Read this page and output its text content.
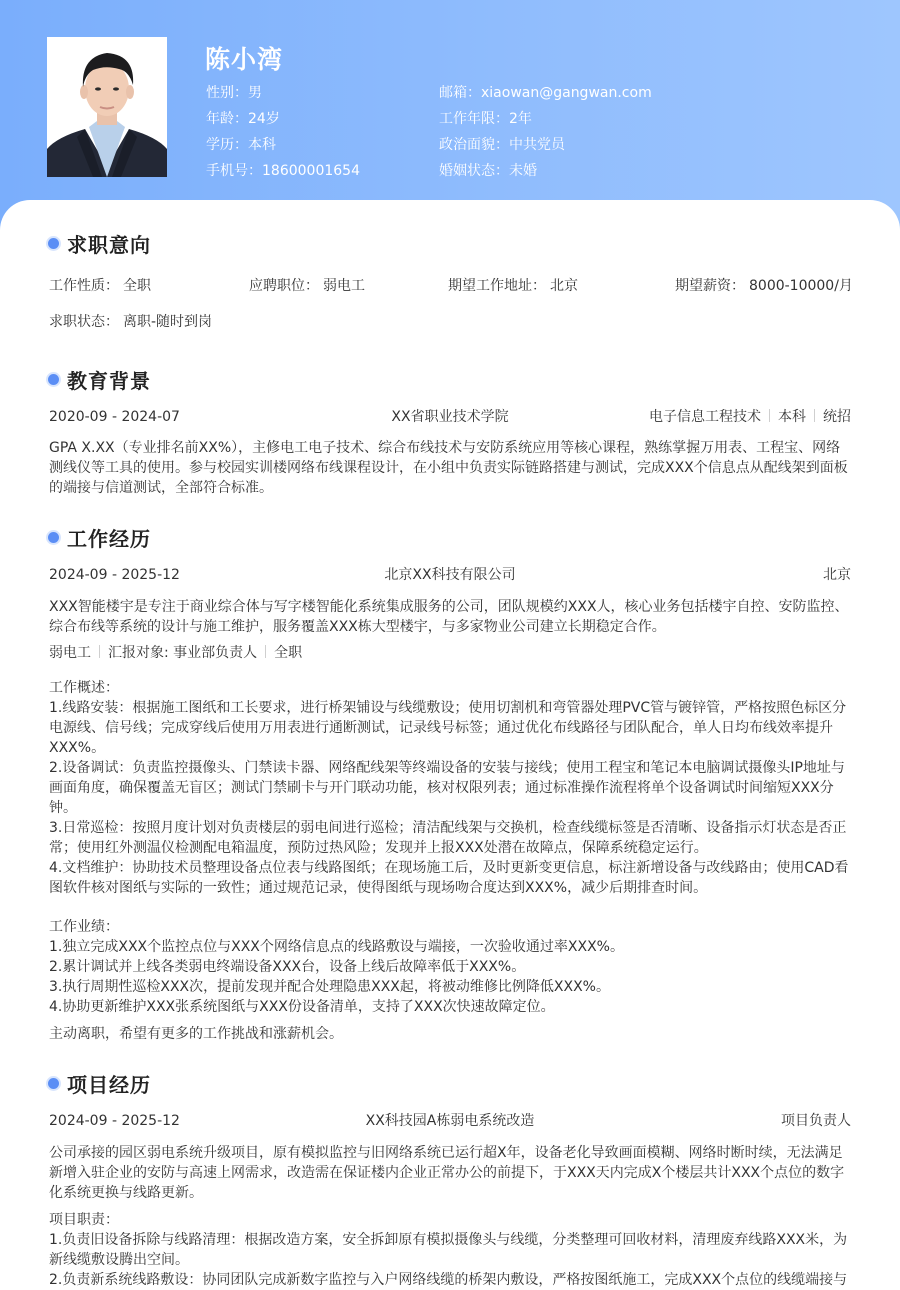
陈小湾
性别：男
年龄：24岁
学历：本科
手机号：18600001654
邮箱：xiaowan@gangwan.com
工作年限：2年
政治面貌：中共党员
婚姻状态：未婚
求职意向
工作性质： 全职	应聘职位： 弱电工	期望工作地址： 北京	期望薪资： 8000-10000/月
求职状态： 离职-随时到岗
教育背景
2020-09 - 2024-07	XX省职业技术学院	电子信息工程技术 本科 统招
GPA X.XX（专业排名前XX%），主修电工电子技术、综合布线技术与安防系统应用等核心课程，熟练掌握万用表、工程宝、网络测线仪等工具的使用。参与校园实训楼网络布线课程设计，在小组中负责实际链路搭建与测试，完成XXX个信息点从配线架到面板的端接与信道测试，全部符合标准。
工作经历
2024-09 - 2025-12	北京XX科技有限公司	北京
XXX智能楼宇是专注于商业综合体与写字楼智能化系统集成服务的公司，团队规模约XXX人，核心业务包括楼宇自控、安防监控、综合布线等系统的设计与施工维护，服务覆盖XXX栋大型楼宇，与多家物业公司建立长期稳定合作。
弱电工 汇报对象: 事业部负责人 全职
工作概述：
1.线路安装：根据施工图纸和工长要求，进行桥架铺设与线缆敷设；使用切割机和弯管器处理PVC管与镀锌管，严格按照色标区分电源线、信号线；完成穿线后使用万用表进行通断测试，记录线号标签；通过优化布线路径与团队配合，单人日均布线效率提升XXX%。
2.设备调试：负责监控摄像头、门禁读卡器、网络配线架等终端设备的安装与接线；使用工程宝和笔记本电脑调试摄像头IP地址与画面角度，确保覆盖无盲区；测试门禁刷卡与开门联动功能，核对权限列表；通过标准操作流程将单个设备调试时间缩短XXX分钟。
3.日常巡检：按照月度计划对负责楼层的弱电间进行巡检；清洁配线架与交换机，检查线缆标签是否清晰、设备指示灯状态是否正常；使用红外测温仪检测配电箱温度，预防过热风险；发现并上报XXX处潜在故障点，保障系统稳定运行。
4.文档维护：协助技术员整理设备点位表与线路图纸；在现场施工后，及时更新变更信息，标注新增设备与改线路由；使用CAD看图软件核对图纸与实际的一致性；通过规范记录，使得图纸与现场吻合度达到XXX%，减少后期排查时间。
工作业绩：
1.独立完成XXX个监控点位与XXX个网络信息点的线路敷设与端接，一次验收通过率XXX%。
2.累计调试并上线各类弱电终端设备XXX台，设备上线后故障率低于XXX%。
3.执行周期性巡检XXX次，提前发现并配合处理隐患XXX起，将被动维修比例降低XXX%。
4.协助更新维护XXX张系统图纸与XXX份设备清单，支持了XXX次快速故障定位。
主动离职，希望有更多的工作挑战和涨薪机会。
项目经历
2024-09 - 2025-12	XX科技园A栋弱电系统改造	项目负责人
公司承接的园区弱电系统升级项目，原有模拟监控与旧网络系统已运行超X年，设备老化导致画面模糊、网络时断时续，无法满足新增入驻企业的安防与高速上网需求，改造需在保证楼内企业正常办公的前提下，于XXX天内完成X个楼层共计XXX个点位的数字化系统更换与线路更新。
项目职责：
1.负责旧设备拆除与线路清理：根据改造方案，安全拆卸原有模拟摄像头与线缆，分类整理可回收材料，清理废弃线路XXX米，为新线缆敷设腾出空间。
2.负责新系统线路敷设：协同团队完成新数字监控与入户网络线缆的桥架内敷设，严格按图纸施工，完成XXX个点位的线缆端接与
